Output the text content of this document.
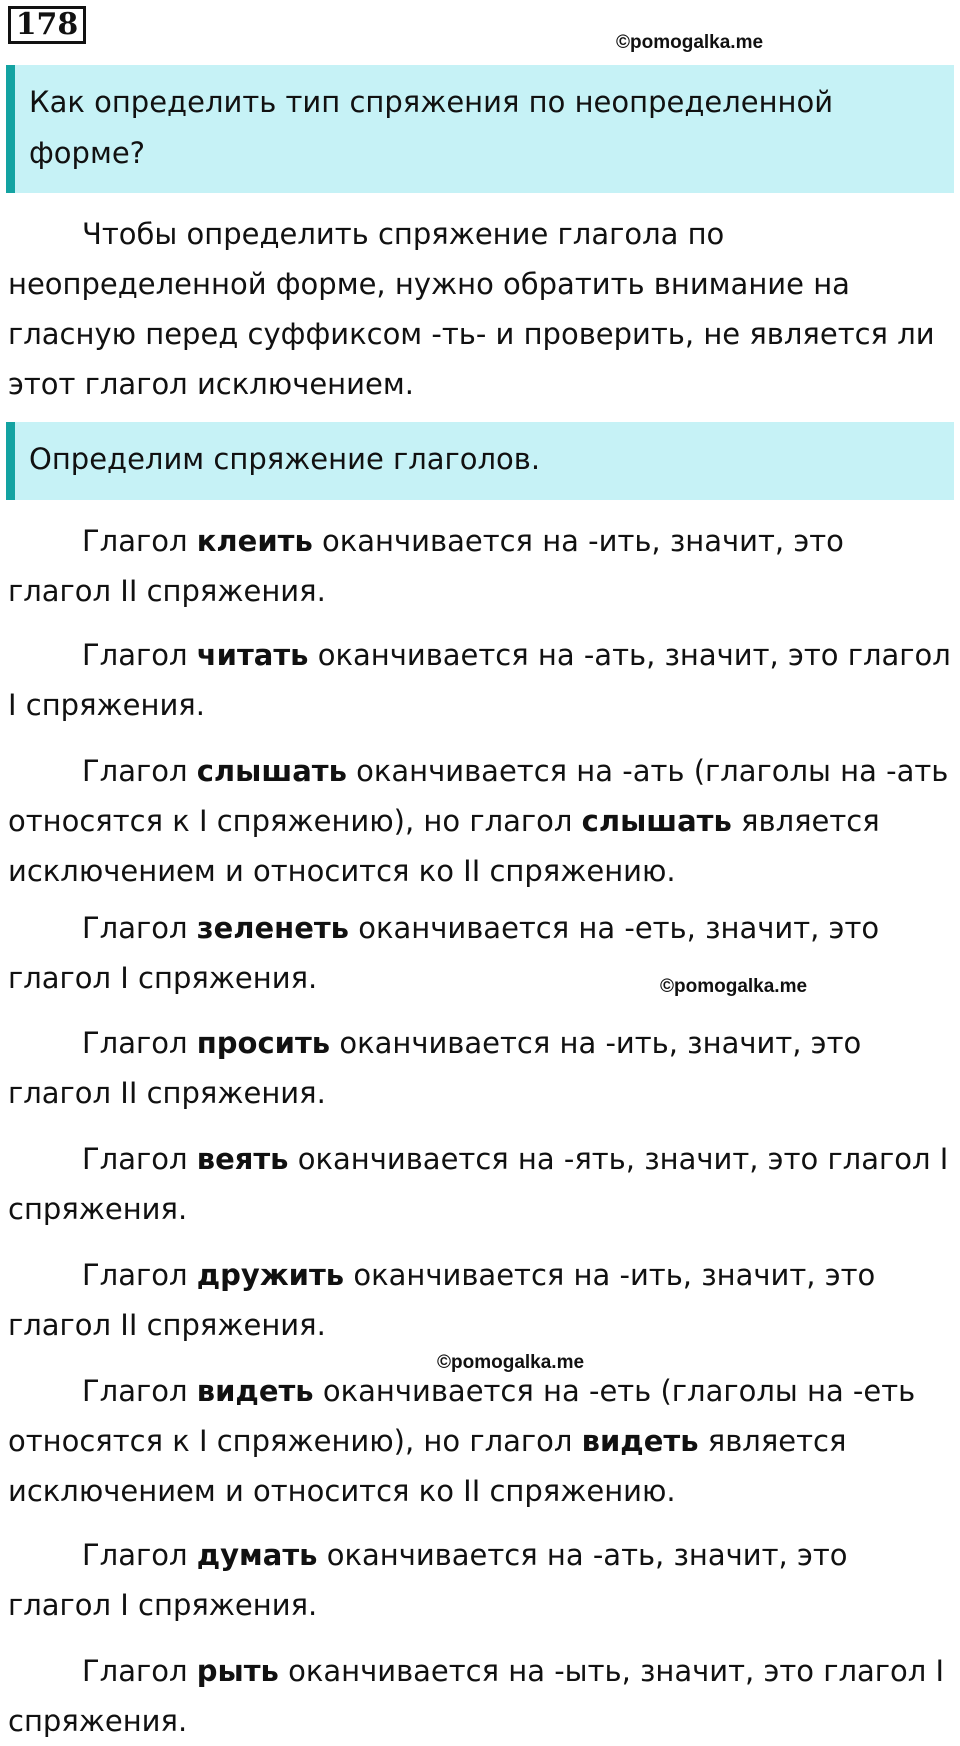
178
©pomogalka.me
Как определить тип спряжения по неопределенной форме?
Чтобы определить спряжение глагола по неопределенной форме, нужно обратить внимание на гласную перед суффиксом -ть- и проверить, не является ли этот глагол исключением.
Определим спряжение глаголов.
Глагол клеить оканчивается на -ить, значит, это глагол II спряжения.
Глагол читать оканчивается на -ать, значит, это глагол I спряжения.
Глагол слышать оканчивается на -ать (глаголы на -ать относятся к I спряжению), но глагол слышать является исключением и относится ко II спряжению.
Глагол зеленеть оканчивается на -еть, значит, это глагол I спряжения.	©pomogalka.me
Глагол просить оканчивается на -ить, значит, это глагол II спряжения.
Глагол веять оканчивается на -ять, значит, это глагол I спряжения.
Глагол дружить оканчивается на -ить, значит, это глагол II спряжения.
©pomogalka.me
Глагол видеть оканчивается на -еть (глаголы на -еть относятся к I спряжению), но глагол видеть является исключением и относится ко II спряжению.
Глагол думать оканчивается на -ать, значит, это глагол I спряжения.
Глагол рыть оканчивается на -ыть, значит, это глагол I спряжения.
